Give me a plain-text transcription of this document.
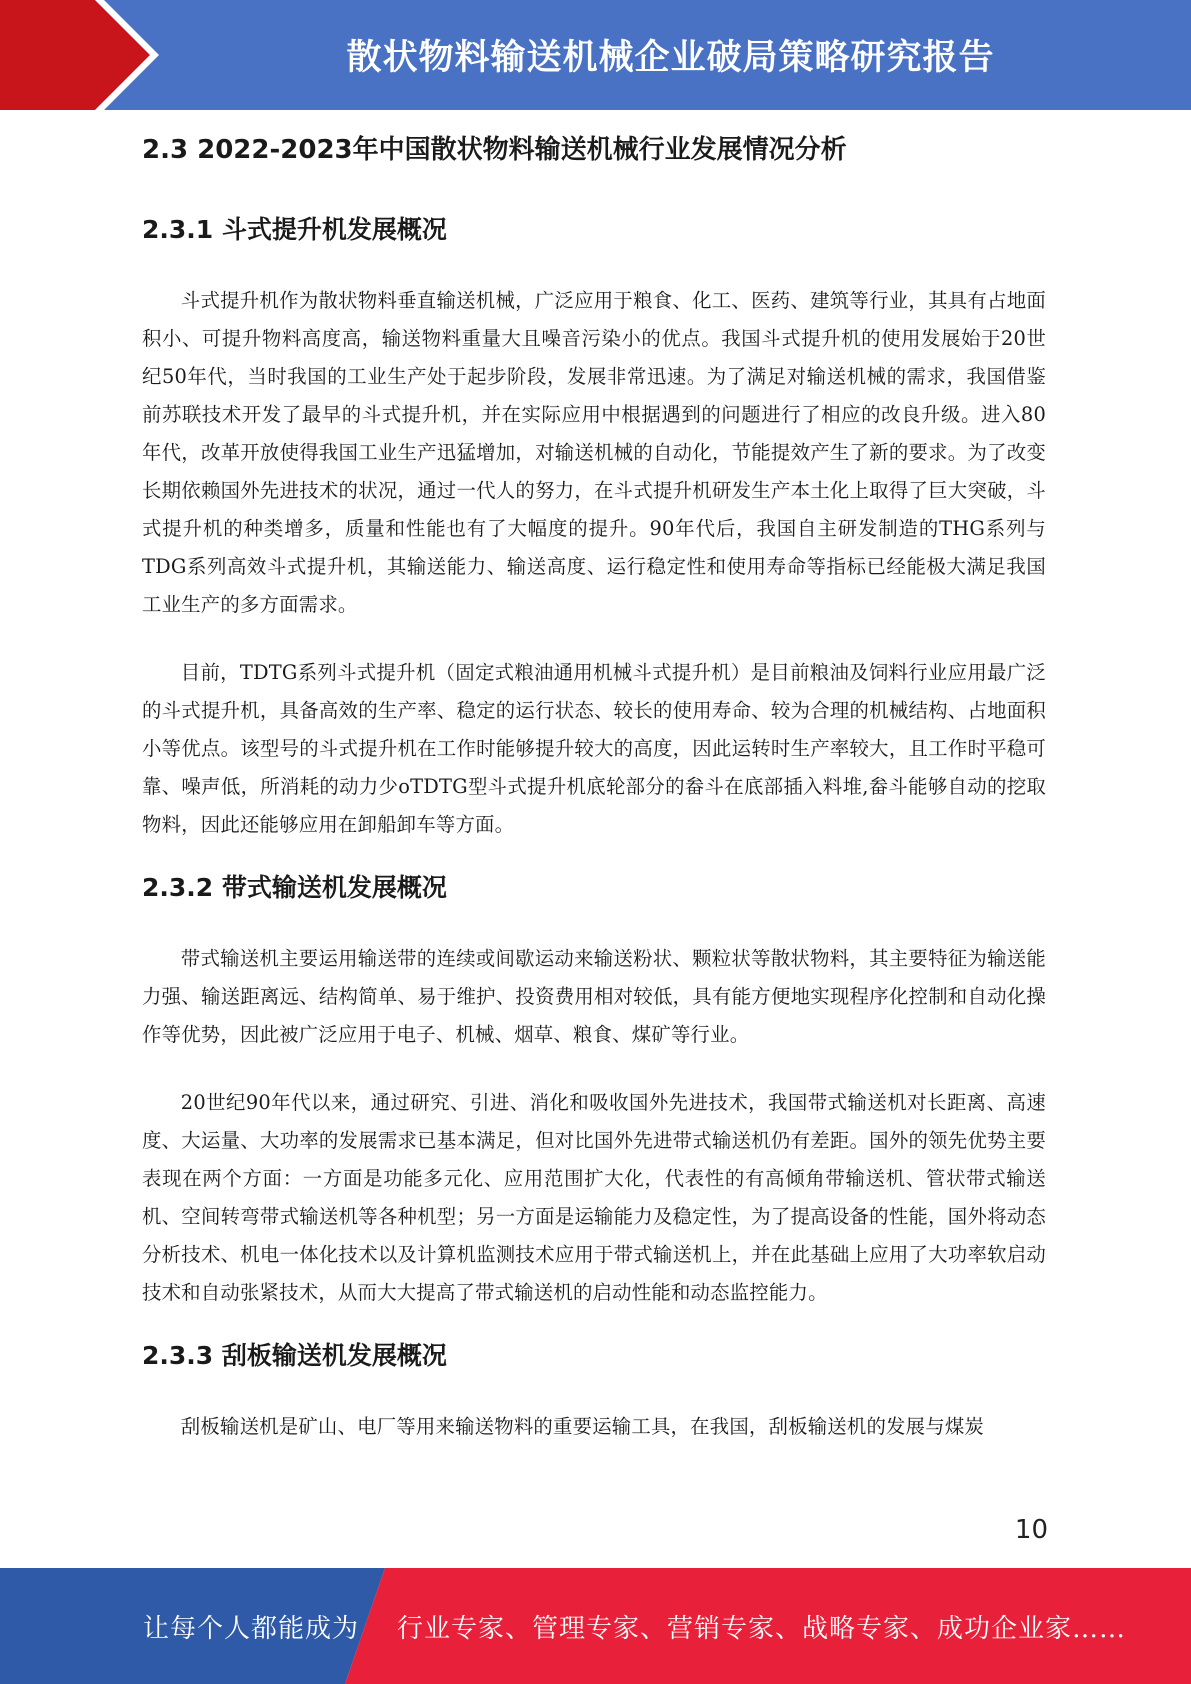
散状物料输送机械企业破局策略研究报告
2.3 2022-2023年中国散状物料输送机械行业发展情况分析
2.3.1 斗式提升机发展概况

斗式提升机作为散状物料垂直输送机械，广泛应用于粮食、化工、医药、建筑等行业，其具有占地面积小、可提升物料高度高，输送物料重量大且噪音污染小的优点。我国斗式提升机的使用发展始于20世纪50年代，当时我国的工业生产处于起步阶段，发展非常迅速。为了满足对输送机械的需求，我国借鉴前苏联技术开发了最早的斗式提升机，并在实际应用中根据遇到的问题进行了相应的改良升级。进入80年代，改革开放使得我国工业生产迅猛增加，对输送机械的自动化，节能提效产生了新的要求。为了改变长期依赖国外先进技术的状况，通过一代人的努力，在斗式提升机研发生产本土化上取得了巨大突破，斗式提升机的种类增多，质量和性能也有了大幅度的提升。90年代后，我国自主研发制造的THG系列与TDG系列高效斗式提升机，其输送能力、输送高度、运行稳定性和使用寿命等指标已经能极大满足我国工业生产的多方面需求。

目前，TDTG系列斗式提升机（固定式粮油通用机械斗式提升机）是目前粮油及饲料行业应用最广泛的斗式提升机，具备高效的生产率、稳定的运行状态、较长的使用寿命、较为合理的机械结构、占地面积小等优点。该型号的斗式提升机在工作时能够提升较大的高度，因此运转时生产率较大，且工作时平稳可靠、噪声低，所消耗的动力少oTDTG型斗式提升机底轮部分的畚斗在底部插入料堆,畚斗能够自动的挖取物料，因此还能够应用在卸船卸车等方面。

2.3.2 带式输送机发展概况

带式输送机主要运用输送带的连续或间歇运动来输送粉状、颗粒状等散状物料，其主要特征为输送能力强、输送距离远、结构简单、易于维护、投资费用相对较低，具有能方便地实现程序化控制和自动化操作等优势，因此被广泛应用于电子、机械、烟草、粮食、煤矿等行业。

20世纪90年代以来，通过研究、引进、消化和吸收国外先进技术，我国带式输送机对长距离、高速度、大运量、大功率的发展需求已基本满足，但对比国外先进带式输送机仍有差距。国外的领先优势主要表现在两个方面：一方面是功能多元化、应用范围扩大化，代表性的有高倾角带输送机、管状带式输送机、空间转弯带式输送机等各种机型；另一方面是运输能力及稳定性，为了提高设备的性能，国外将动态分析技术、机电一体化技术以及计算机监测技术应用于带式输送机上，并在此基础上应用了大功率软启动技术和自动张紧技术，从而大大提高了带式输送机的启动性能和动态监控能力。

2.3.3 刮板输送机发展概况

刮板输送机是矿山、电厂等用来输送物料的重要运输工具，在我国，刮板输送机的发展与煤炭

10
让每个人都能成为 行业专家、管理专家、营销专家、战略专家、成功企业家……
